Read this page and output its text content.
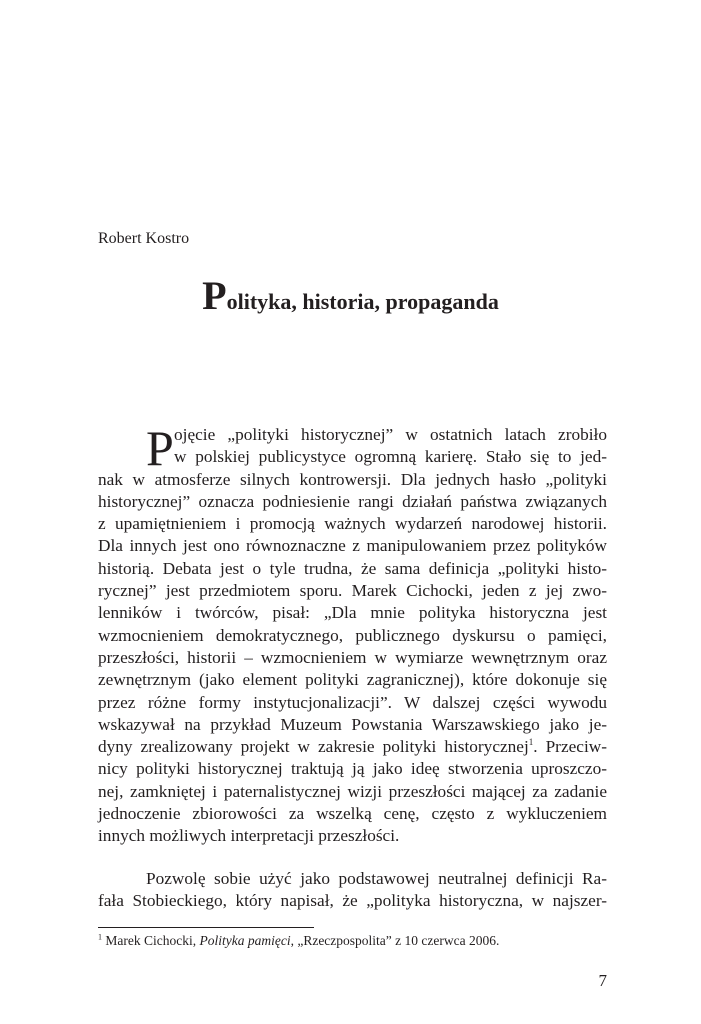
Robert Kostro
Polityka, historia, propaganda
P ojęcie „polityki historycznej” w ostatnich latach zrobiło
w polskiej publicystyce ogromną karierę. Stało się to jed-
nak w atmosferze silnych kontrowersji. Dla jednych hasło „polityki
historycznej” oznacza podniesienie rangi działań państwa związanych
z upamiętnieniem i promocją ważnych wydarzeń narodowej historii.
Dla innych jest ono równoznaczne z manipulowaniem przez polityków
historią. Debata jest o tyle trudna, że sama definicja „polityki histo-
rycznej” jest przedmiotem sporu. Marek Cichocki, jeden z jej zwo-
lenników i twórców, pisał: „Dla mnie polityka historyczna jest
wzmocnieniem demokratycznego, publicznego dyskursu o pamięci,
przeszłości, historii – wzmocnieniem w wymiarze wewnętrznym oraz
zewnętrznym (jako element polityki zagranicznej), które dokonuje się
przez różne formy instytucjonalizacji”. W dalszej części wywodu
wskazywał na przykład Muzeum Powstania Warszawskiego jako je-
dyny zrealizowany projekt w zakresie polityki historycznej$^1$. Przeciw-
nicy polityki historycznej traktują ją jako ideę stworzenia uproszczo-
nej, zamkniętej i paternalistycznej wizji przeszłości mającej za zadanie
jednoczenie zbiorowości za wszelką cenę, często z wykluczeniem
innych możliwych interpretacji przeszłości.
Pozwolę sobie użyć jako podstawowej neutralnej definicji Ra-
fała Stobieckiego, który napisał, że „polityka historyczna, w najszer-
$^1$ Marek Cichocki, Polityka pamięci, „Rzeczpospolita” z 10 czerwca 2006.
7
